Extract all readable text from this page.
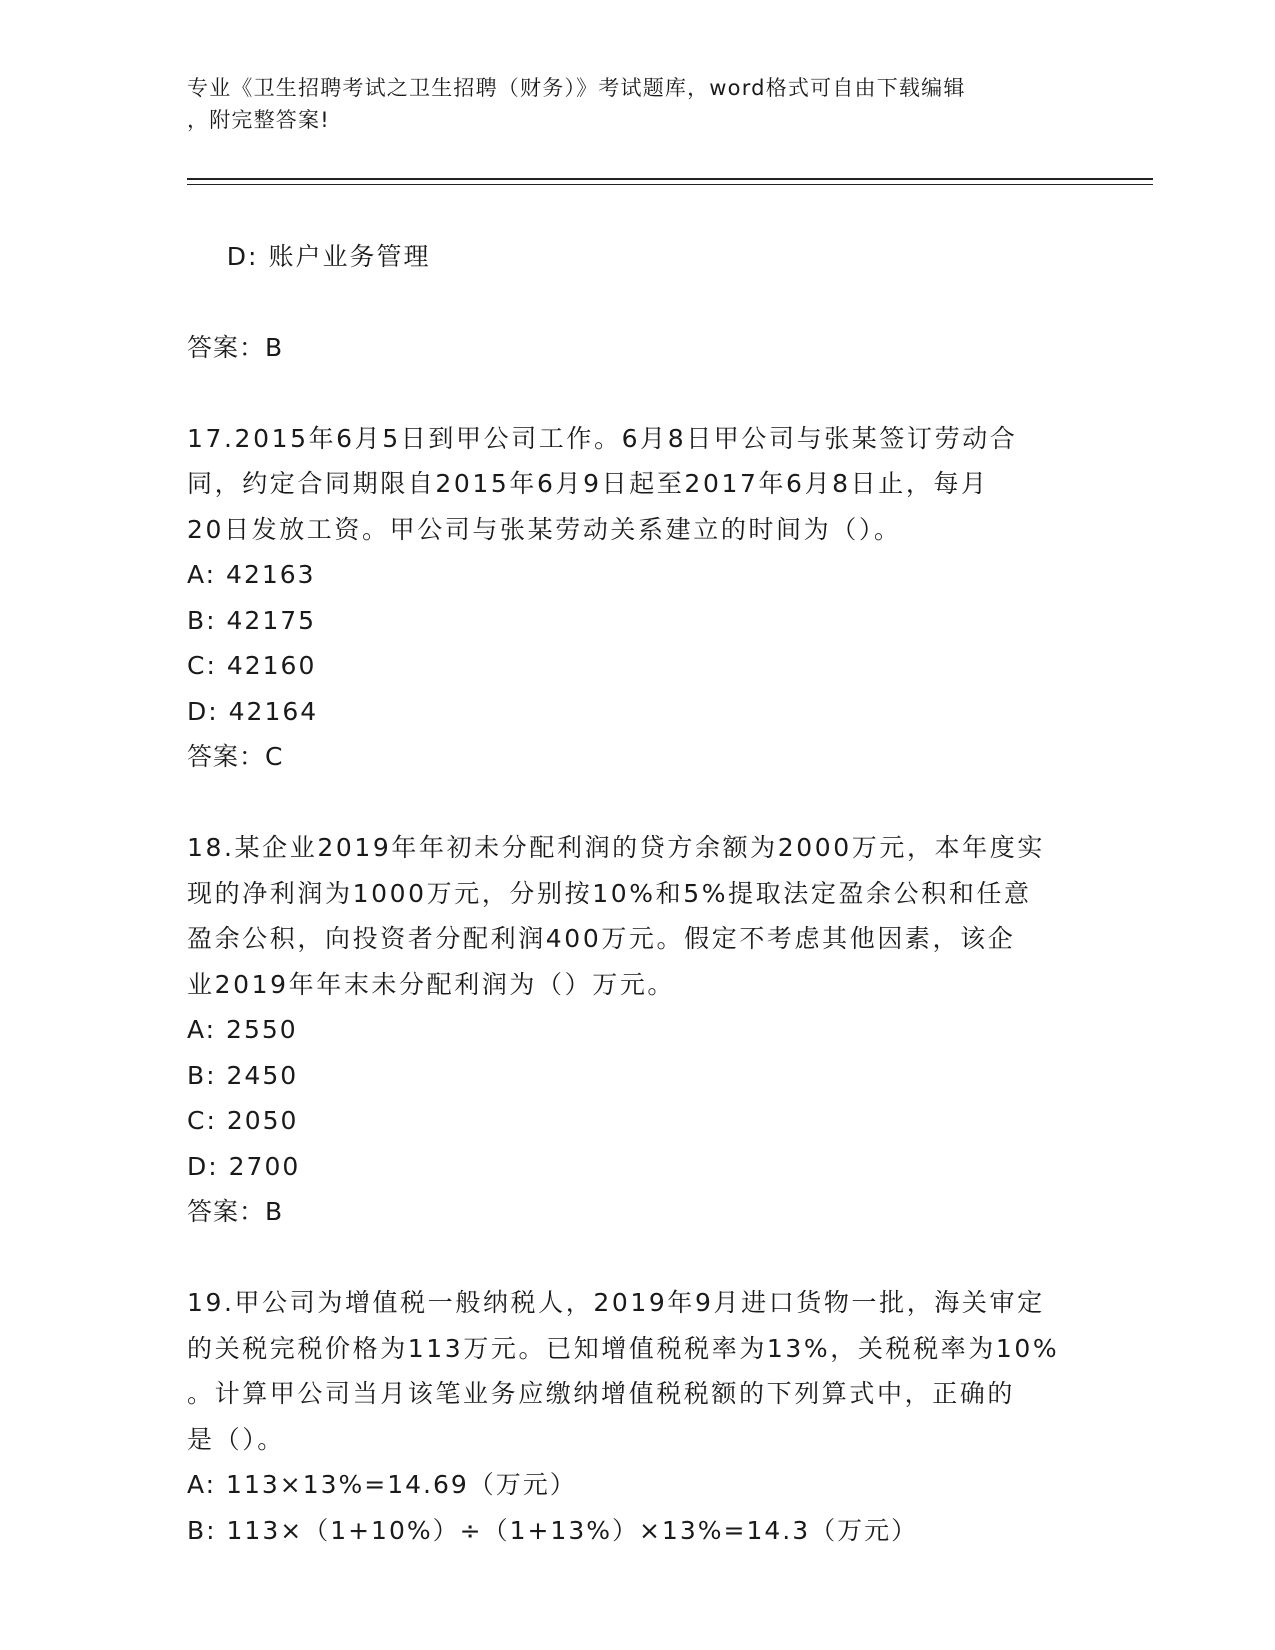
专业《卫生招聘考试之卫生招聘（财务）》考试题库，word格式可自由下载编辑
，附完整答案!

D: 账户业务管理

答案：B
17.2015年6月5日到甲公司工作。6月8日甲公司与张某签订劳动合
同，约定合同期限自2015年6月9日起至2017年6月8日止，每月
20日发放工资。甲公司与张某劳动关系建立的时间为（）。
A: 42163
B: 42175
C: 42160
D: 42164
答案：C
18.某企业2019年年初未分配利润的贷方余额为2000万元，本年度实
现的净利润为1000万元，分别按10%和5%提取法定盈余公积和任意
盈余公积，向投资者分配利润400万元。假定不考虑其他因素，该企
业2019年年末未分配利润为（）万元。
A: 2550
B: 2450
C: 2050
D: 2700
答案：B
19.甲公司为增值税一般纳税人，2019年9月进口货物一批，海关审定
的关税完税价格为113万元。已知增值税税率为13%，关税税率为10%
。计算甲公司当月该笔业务应缴纳增值税税额的下列算式中，正确的
是（）。
A: 113×13%=14.69（万元）
B: 113×（1+10%）÷（1+13%）×13%=14.3（万元）
